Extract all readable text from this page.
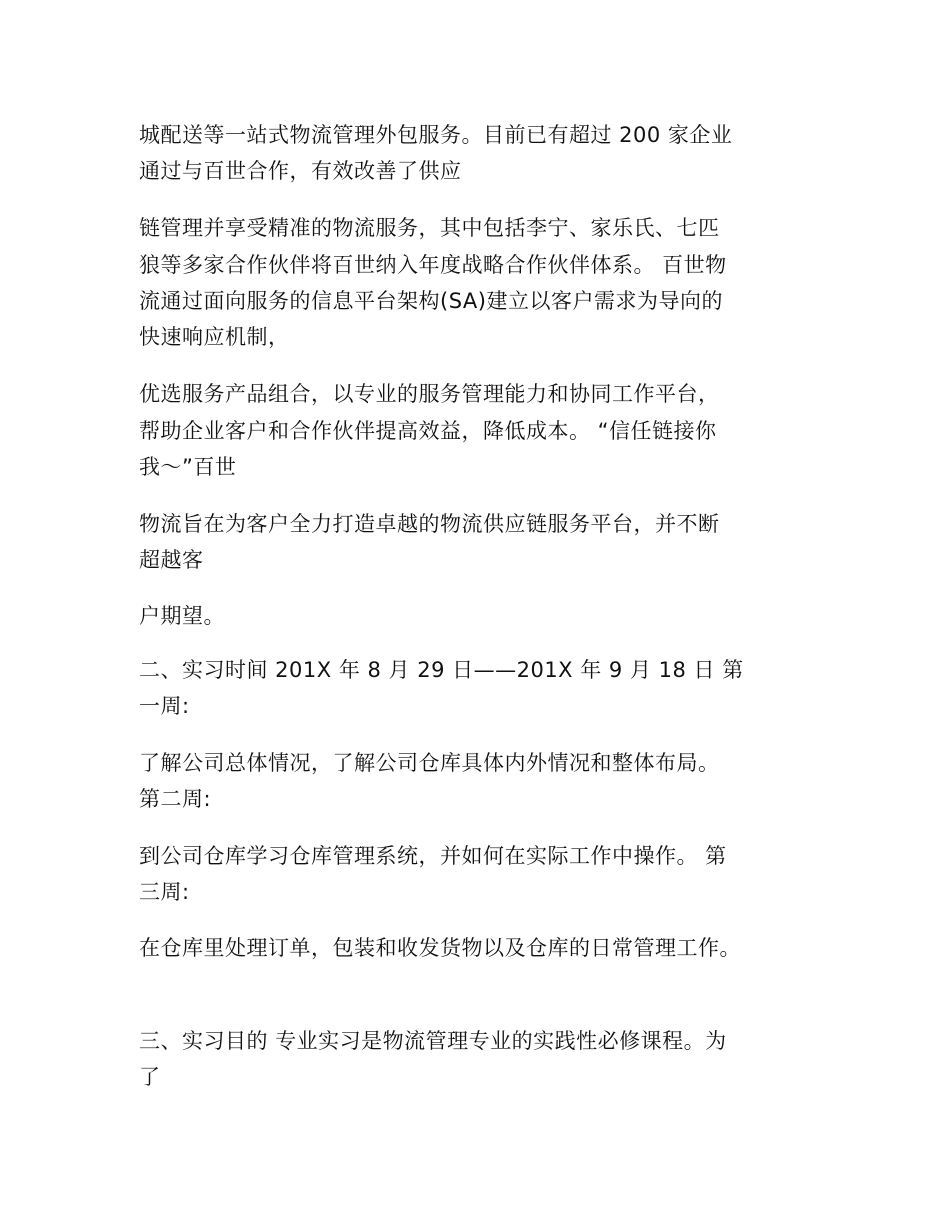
城配送等一站式物流管理外包服务。目前已有超过 200 家企业
通过与百世合作，有效改善了供应
链管理并享受精准的物流服务，其中包括李宁、家乐氏、七匹
狼等多家合作伙伴将百世纳入年度战略合作伙伴体系。 百世物
流通过面向服务的信息平台架构(SA)建立以客户需求为导向的
快速响应机制，
优选服务产品组合，以专业的服务管理能力和协同工作平台，
帮助企业客户和合作伙伴提高效益，降低成本。 “信任链接你
我～”百世
物流旨在为客户全力打造卓越的物流供应链服务平台，并不断
超越客
户期望。
二、实习时间 201X 年 8 月 29 日——201X 年 9 月 18 日 第
一周:
了解公司总体情况，了解公司仓库具体内外情况和整体布局。
第二周:
到公司仓库学习仓库管理系统，并如何在实际工作中操作。 第
三周:
在仓库里处理订单，包装和收发货物以及仓库的日常管理工作。
三、实习目的 专业实习是物流管理专业的实践性必修课程。为
了
